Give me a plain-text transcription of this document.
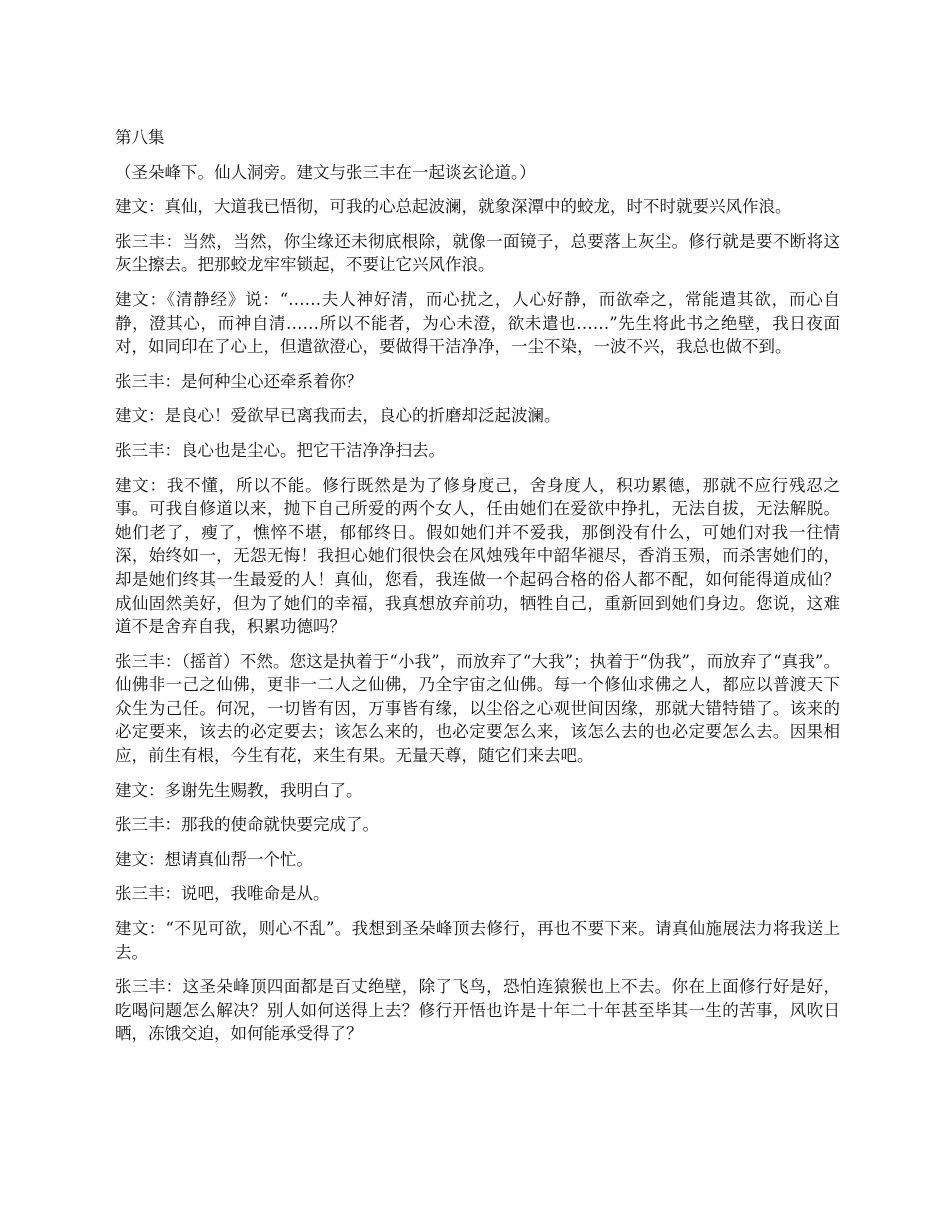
第八集

（圣朵峰下。仙人洞旁。建文与张三丰在一起谈玄论道。）

建文：真仙，大道我已悟彻，可我的心总起波澜，就象深潭中的蛟龙，时不时就要兴风作浪。

张三丰：当然，当然，你尘缘还未彻底根除，就像一面镜子，总要落上灰尘。修行就是要不断将这灰尘擦去。把那蛟龙牢牢锁起，不要让它兴风作浪。

建文：《清静经》说：“……夫人神好清，而心扰之，人心好静，而欲牵之，常能遣其欲，而心自静，澄其心，而神自清……所以不能者，为心未澄，欲未遣也……”先生将此书之绝壁，我日夜面对，如同印在了心上，但遣欲澄心，要做得干洁净净，一尘不染，一波不兴，我总也做不到。

张三丰：是何种尘心还牵系着你？

建文：是良心！爱欲早已离我而去，良心的折磨却泛起波澜。

张三丰：良心也是尘心。把它干洁净净扫去。

建文：我不懂，所以不能。修行既然是为了修身度己，舍身度人，积功累德，那就不应行残忍之事。可我自修道以来，抛下自己所爱的两个女人，任由她们在爱欲中挣扎，无法自拔，无法解脱。她们老了，瘦了，憔悴不堪，郁郁终日。假如她们并不爱我，那倒没有什么，可她们对我一往情深，始终如一，无怨无悔！我担心她们很快会在风烛残年中韶华褪尽，香消玉殒，而杀害她们的，却是她们终其一生最爱的人！真仙，您看，我连做一个起码合格的俗人都不配，如何能得道成仙？成仙固然美好，但为了她们的幸福，我真想放弃前功，牺牲自己，重新回到她们身边。您说，这难道不是舍弃自我，积累功德吗？

张三丰：（摇首）不然。您这是执着于“小我”，而放弃了“大我”；执着于“伪我”，而放弃了“真我”。仙佛非一己之仙佛，更非一二人之仙佛，乃全宇宙之仙佛。每一个修仙求佛之人，都应以普渡天下众生为己任。何况，一切皆有因，万事皆有缘，以尘俗之心观世间因缘，那就大错特错了。该来的必定要来，该去的必定要去；该怎么来的，也必定要怎么来，该怎么去的也必定要怎么去。因果相应，前生有根，今生有花，来生有果。无量天尊，随它们来去吧。

建文：多谢先生赐教，我明白了。

张三丰：那我的使命就快要完成了。

建文：想请真仙帮一个忙。

张三丰：说吧，我唯命是从。

建文：“不见可欲，则心不乱”。我想到圣朵峰顶去修行，再也不要下来。请真仙施展法力将我送上去。

张三丰：这圣朵峰顶四面都是百丈绝壁，除了飞鸟，恐怕连猿猴也上不去。你在上面修行好是好，吃喝问题怎么解决？别人如何送得上去？修行开悟也许是十年二十年甚至毕其一生的苦事，风吹日晒，冻饿交迫，如何能承受得了？
